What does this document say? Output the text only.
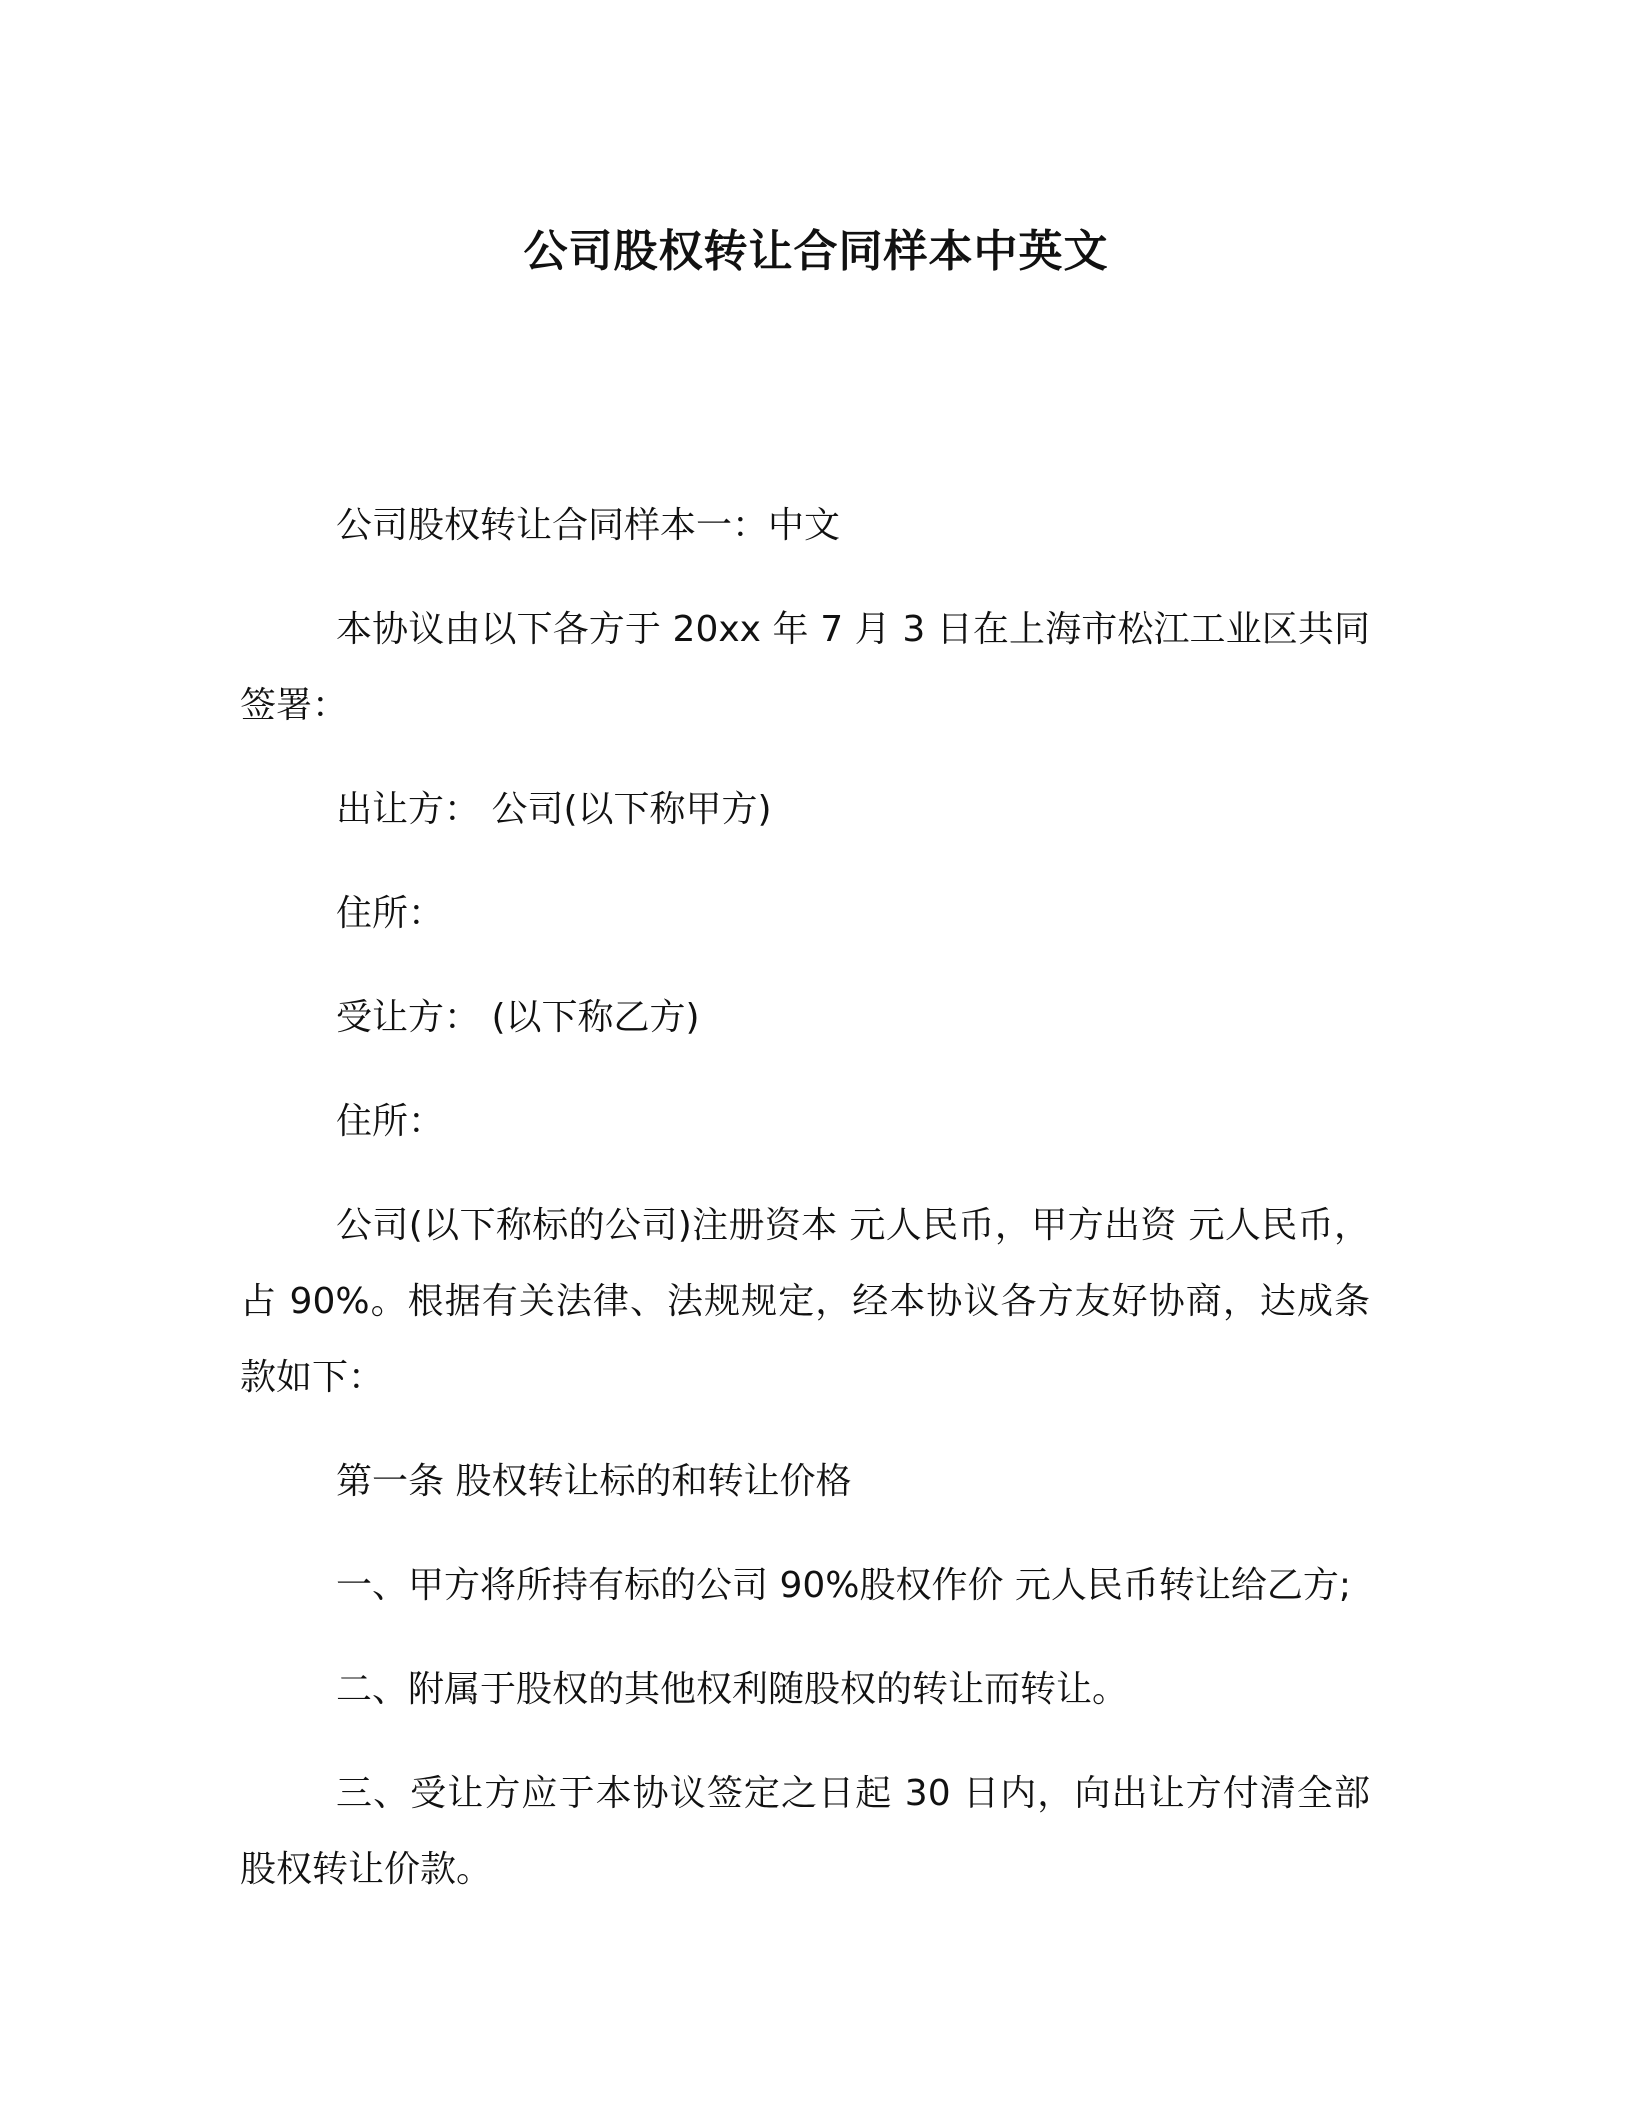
公司股权转让合同样本中英文

公司股权转让合同样本一：中文

本协议由以下各方于 20xx 年 7 月 3 日在上海市松江工业区共同签署：

出让方： 公司(以下称甲方)

住所：

受让方： (以下称乙方)

住所：

公司(以下称标的公司)注册资本 元人民币，甲方出资 元人民币，占 90%。根据有关法律、法规规定，经本协议各方友好协商，达成条款如下：

第一条 股权转让标的和转让价格

一、甲方将所持有标的公司 90%股权作价 元人民币转让给乙方;

二、附属于股权的其他权利随股权的转让而转让。

三、受让方应于本协议签定之日起 30 日内，向出让方付清全部股权转让价款。
